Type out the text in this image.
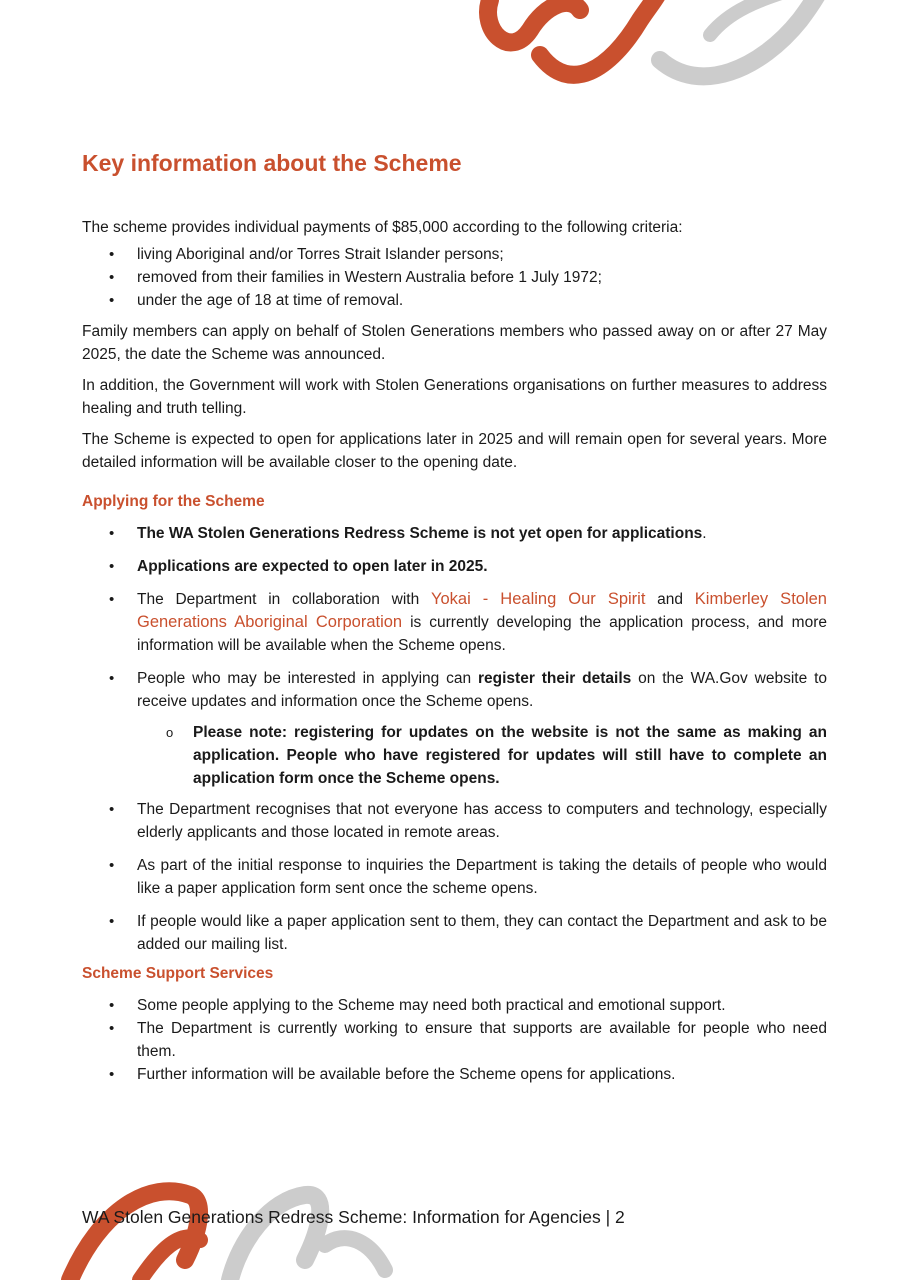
Key information about the Scheme

The scheme provides individual payments of $85,000 according to the following criteria:

• living Aboriginal and/or Torres Strait Islander persons;
• removed from their families in Western Australia before 1 July 1972;
• under the age of 18 at time of removal.

Family members can apply on behalf of Stolen Generations members who passed away on or after 27 May 2025, the date the Scheme was announced.

In addition, the Government will work with Stolen Generations organisations on further measures to address healing and truth telling.

The Scheme is expected to open for applications later in 2025 and will remain open for several years. More detailed information will be available closer to the opening date.

Applying for the Scheme
• The WA Stolen Generations Redress Scheme is not yet open for applications.
• Applications are expected to open later in 2025.
• The Department in collaboration with Yokai - Healing Our Spirit and Kimberley Stolen Generations Aboriginal Corporation is currently developing the application process, and more information will be available when the Scheme opens.
• People who may be interested in applying can register their details on the WA.Gov website to receive updates and information once the Scheme opens.
o Please note: registering for updates on the website is not the same as making an application. People who have registered for updates will still have to complete an application form once the Scheme opens.
• The Department recognises that not everyone has access to computers and technology, especially elderly applicants and those located in remote areas.
• As part of the initial response to inquiries the Department is taking the details of people who would like a paper application form sent once the scheme opens.
• If people would like a paper application sent to them, they can contact the Department and ask to be added our mailing list.
Scheme Support Services
• Some people applying to the Scheme may need both practical and emotional support.
• The Department is currently working to ensure that supports are available for people who need them.
• Further information will be available before the Scheme opens for applications.
WA Stolen Generations Redress Scheme: Information for Agencies | 2
